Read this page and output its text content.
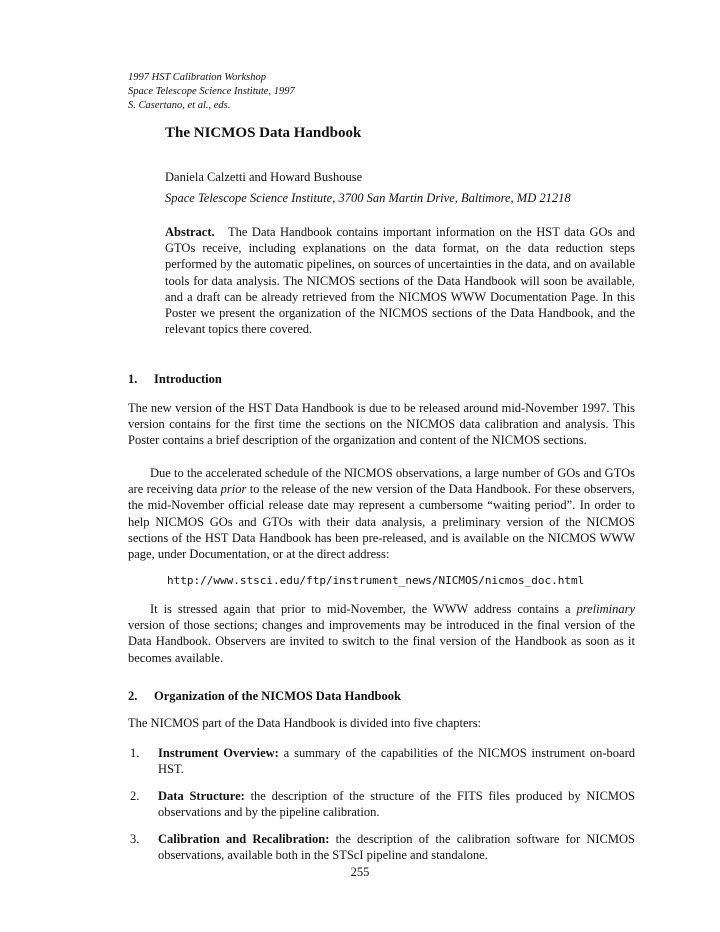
1997 HST Calibration Workshop
Space Telescope Science Institute, 1997
S. Casertano, et al., eds.
The NICMOS Data Handbook
Daniela Calzetti and Howard Bushouse
Space Telescope Science Institute, 3700 San Martin Drive, Baltimore, MD 21218
Abstract. The Data Handbook contains important information on the HST data GOs and GTOs receive, including explanations on the data format, on the data reduction steps performed by the automatic pipelines, on sources of uncertainties in the data, and on available tools for data analysis. The NICMOS sections of the Data Handbook will soon be available, and a draft can be already retrieved from the NICMOS WWW Documentation Page. In this Poster we present the organization of the NICMOS sections of the Data Handbook, and the relevant topics there covered.
1. Introduction

The new version of the HST Data Handbook is due to be released around mid-November 1997. This version contains for the first time the sections on the NICMOS data calibration and analysis. This Poster contains a brief description of the organization and content of the NICMOS sections.

Due to the accelerated schedule of the NICMOS observations, a large number of GOs and GTOs are receiving data prior to the release of the new version of the Data Handbook. For these observers, the mid-November official release date may represent a cumbersome “waiting period”. In order to help NICMOS GOs and GTOs with their data analysis, a preliminary version of the NICMOS sections of the HST Data Handbook has been pre-released, and is available on the NICMOS WWW page, under Documentation, or at the direct address:

http://www.stsci.edu/ftp/instrument_news/NICMOS/nicmos_doc.html

It is stressed again that prior to mid-November, the WWW address contains a preliminary version of those sections; changes and improvements may be introduced in the final version of the Data Handbook. Observers are invited to switch to the final version of the Handbook as soon as it becomes available.

2. Organization of the NICMOS Data Handbook

The NICMOS part of the Data Handbook is divided into five chapters:

1. Instrument Overview: a summary of the capabilities of the NICMOS instrument on-board HST.
2. Data Structure: the description of the structure of the FITS files produced by NICMOS observations and by the pipeline calibration.
3. Calibration and Recalibration: the description of the calibration software for NICMOS observations, available both in the STScI pipeline and standalone.
255
